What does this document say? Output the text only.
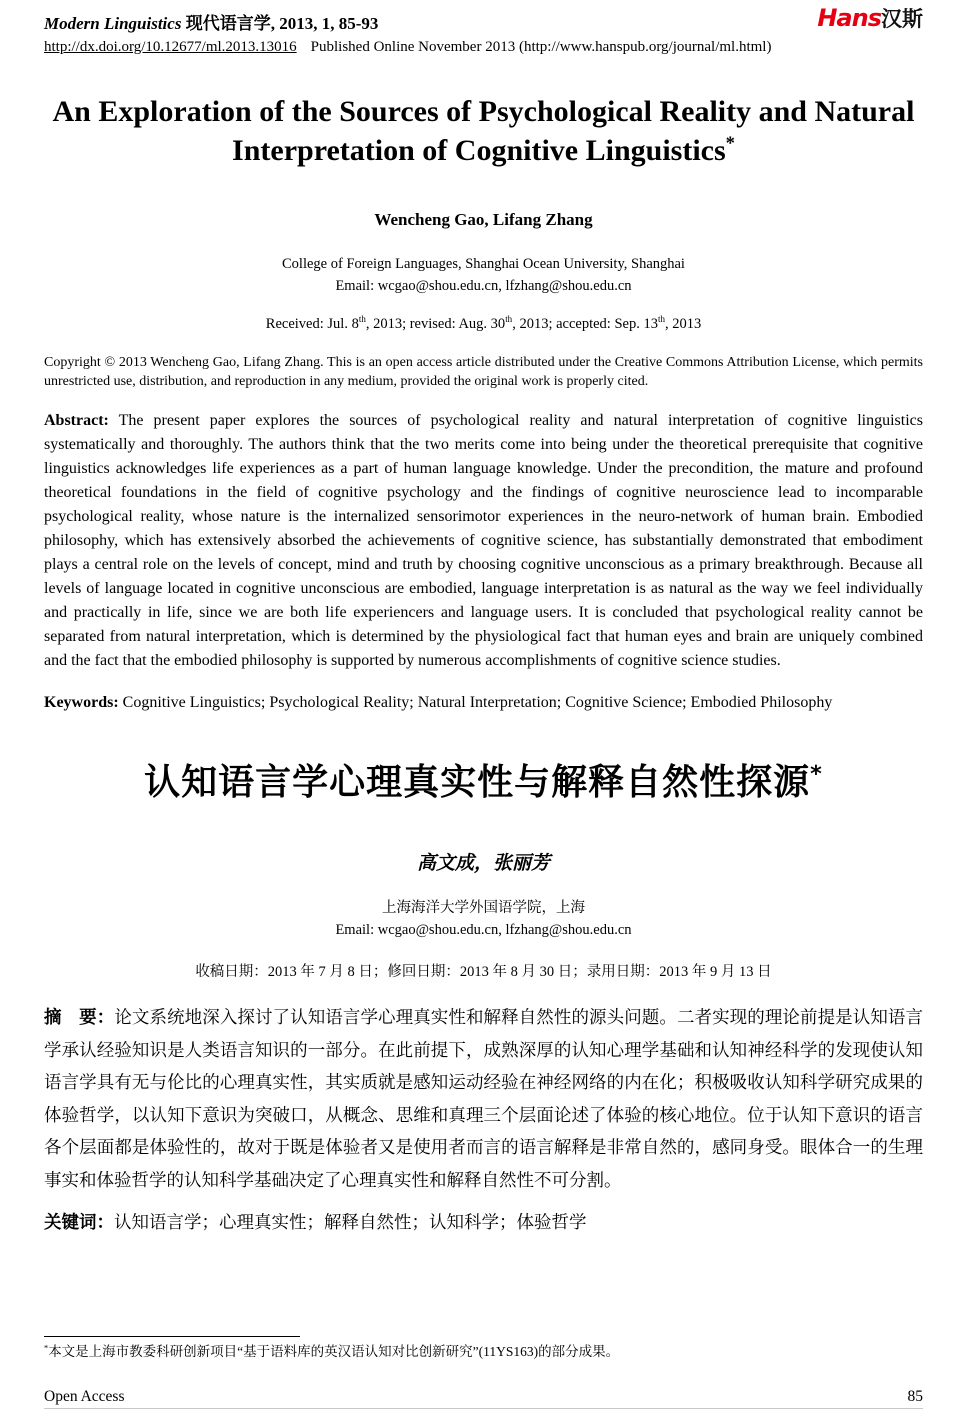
Modern Linguistics 现代语言学, 2013, 1, 85-93	Hans汉斯
http://dx.doi.org/10.12677/ml.2013.13016 Published Online November 2013 (http://www.hanspub.org/journal/ml.html)
An Exploration of the Sources of Psychological Reality and Natural Interpretation of Cognitive Linguistics*
Wencheng Gao, Lifang Zhang
College of Foreign Languages, Shanghai Ocean University, Shanghai
Email: wcgao@shou.edu.cn, lfzhang@shou.edu.cn
Received: Jul. 8th, 2013; revised: Aug. 30th, 2013; accepted: Sep. 13th, 2013

Copyright © 2013 Wencheng Gao, Lifang Zhang. This is an open access article distributed under the Creative Commons Attribution License, which permits unrestricted use, distribution, and reproduction in any medium, provided the original work is properly cited.

Abstract: The present paper explores the sources of psychological reality and natural interpretation of cognitive linguistics systematically and thoroughly. The authors think that the two merits come into being under the theoretical prerequisite that cognitive linguistics acknowledges life experiences as a part of human language knowledge. Under the precondition, the mature and profound theoretical foundations in the field of cognitive psychology and the findings of cognitive neuroscience lead to incomparable psychological reality, whose nature is the internalized sensorimotor experiences in the neuro-network of human brain. Embodied philosophy, which has extensively absorbed the achievements of cognitive science, has substantially demonstrated that embodiment plays a central role on the levels of concept, mind and truth by choosing cognitive unconscious as a primary breakthrough. Because all levels of language located in cognitive unconscious are embodied, language interpretation is as natural as the way we feel individually and practically in life, since we are both life experiencers and language users. It is concluded that psychological reality cannot be separated from natural interpretation, which is determined by the physiological fact that human eyes and brain are uniquely combined and the fact that the embodied philosophy is supported by numerous accomplishments of cognitive science studies.

Keywords: Cognitive Linguistics; Psychological Reality; Natural Interpretation; Cognitive Science; Embodied Philosophy

认知语言学心理真实性与解释自然性探源*
高文成，张丽芳
上海海洋大学外国语学院，上海
Email: wcgao@shou.edu.cn, lfzhang@shou.edu.cn
收稿日期：2013 年 7 月 8 日；修回日期：2013 年 8 月 30 日；录用日期：2013 年 9 月 13 日

摘　要：论文系统地深入探讨了认知语言学心理真实性和解释自然性的源头问题。二者实现的理论前提是认知语言学承认经验知识是人类语言知识的一部分。在此前提下，成熟深厚的认知心理学基础和认知神经科学的发现使认知语言学具有无与伦比的心理真实性，其实质就是感知运动经验在神经网络的内在化；积极吸收认知科学研究成果的体验哲学，以认知下意识为突破口，从概念、思维和真理三个层面论述了体验的核心地位。位于认知下意识的语言各个层面都是体验性的，故对于既是体验者又是使用者而言的语言解释是非常自然的，感同身受。眼体合一的生理事实和体验哲学的认知科学基础决定了心理真实性和解释自然性不可分割。

关键词：认知语言学；心理真实性；解释自然性；认知科学；体验哲学

*本文是上海市教委科研创新项目“基于语料库的英汉语认知对比创新研究”(11YS163)的部分成果。
Open Access	85
